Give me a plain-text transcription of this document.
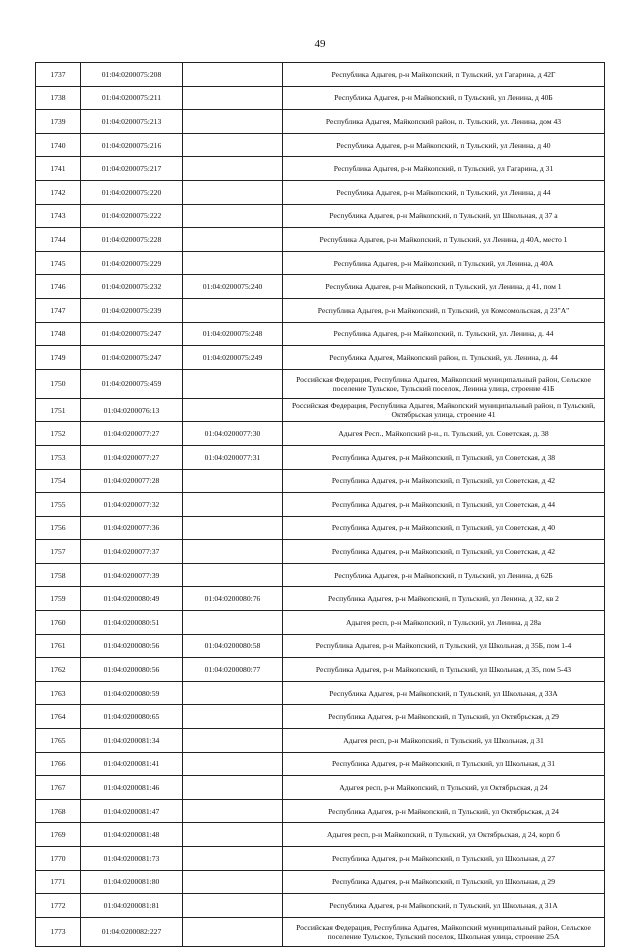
49
1737	01:04:0200075:208		Республика Адыгея, р-н Майкопский, п Тульский, ул Гагарина, д 42Г
1738	01:04:0200075:211		Республика Адыгея, р-н Майкопский, п Тульский, ул Ленина, д 40Б
1739	01:04:0200075:213		Республика Адыгея, Майкопский район, п. Тульский, ул. Ленина, дом 43
1740	01:04:0200075:216		Республика Адыгея, р-н Майкопский, п Тульский, ул Ленина, д 40
1741	01:04:0200075:217		Республика Адыгея, р-н Майкопский, п Тульский, ул Гагарина, д 31
1742	01:04:0200075:220		Республика Адыгея, р-н Майкопский, п Тульский, ул Ленина, д 44
1743	01:04:0200075:222		Республика Адыгея, р-н Майкопский, п Тульский, ул Школьная, д 37 а
1744	01:04:0200075:228		Республика Адыгея, р-н Майкопский, п Тульский, ул Ленина, д 40А, место 1
1745	01:04:0200075:229		Республика Адыгея, р-н Майкопский, п Тульский, ул Ленина, д 40А
1746	01:04:0200075:232	01:04:0200075:240	Республика Адыгея, р-н Майкопский, п Тульский, ул Ленина, д 41, пом 1
1747	01:04:0200075:239		Республика Адыгея, р-н Майкопский, п Тульский, ул Комсомольская, д 23"А"
1748	01:04:0200075:247	01:04:0200075:248	Республика Адыгея, р-н Майкопский, п. Тульский, ул. Ленина, д. 44
1749	01:04:0200075:247	01:04:0200075:249	Республика Адыгея, Майкопский район, п. Тульский, ул. Ленина, д. 44
1750	01:04:0200075:459		Российская Федерация, Республика Адыгея, Майкопский муниципальный район, Сельское поселение Тульское, Тульский поселок, Ленина улица, строение 41Б
1751	01:04:0200076:13		Российская Федерация, Республика Адыгея, Майкопский муниципальный район, п Тульский, Октябрьская улица, строение 41
1752	01:04:0200077:27	01:04:0200077:30	Адыгея Респ., Майкопский р-н., п. Тульский, ул. Советская, д. 38
1753	01:04:0200077:27	01:04:0200077:31	Республика Адыгея, р-н Майкопский, п Тульский, ул Советская, д 38
1754	01:04:0200077:28		Республика Адыгея, р-н Майкопский, п Тульский, ул Советская, д 42
1755	01:04:0200077:32		Республика Адыгея, р-н Майкопский, п Тульский, ул Советская, д 44
1756	01:04:0200077:36		Республика Адыгея, р-н Майкопский, п Тульский, ул Советская, д 40
1757	01:04:0200077:37		Республика Адыгея, р-н Майкопский, п Тульский, ул Советская, д 42
1758	01:04:0200077:39		Республика Адыгея, р-н Майкопский, п Тульский, ул Ленина, д 62Б
1759	01:04:0200080:49	01:04:0200080:76	Республика Адыгея, р-н Майкопский, п Тульский, ул Ленина, д 32, кв 2
1760	01:04:0200080:51		Адыгея респ, р-н Майкопский, п Тульский, ул Ленина, д 28а
1761	01:04:0200080:56	01:04:0200080:58	Республика Адыгея, р-н Майкопский, п Тульский, ул Школьная, д 35Б, пом 1-4
1762	01:04:0200080:56	01:04:0200080:77	Республика Адыгея, р-н Майкопский, п Тульский, ул Школьная, д 35, пом 5-43
1763	01:04:0200080:59		Республика Адыгея, р-н Майкопский, п Тульский, ул Школьная, д 33А
1764	01:04:0200080:65		Республика Адыгея, р-н Майкопский, п Тульский, ул Октябрьская, д 29
1765	01:04:0200081:34		Адыгея респ, р-н Майкопский, п Тульский, ул Школьная, д 31
1766	01:04:0200081:41		Республика Адыгея, р-н Майкопский, п Тульский, ул Школьная, д 31
1767	01:04:0200081:46		Адыгея респ, р-н Майкопский, п Тульский, ул Октябрьская, д 24
1768	01:04:0200081:47		Республика Адыгея, р-н Майкопский, п Тульский, ул Октябрьская, д 24
1769	01:04:0200081:48		Адыгея респ, р-н Майкопский, п Тульский, ул Октябрьская, д 24, корп б
1770	01:04:0200081:73		Республика Адыгея, р-н Майкопский, п Тульский, ул Школьная, д 27
1771	01:04:0200081:80		Республика Адыгея, р-н Майкопский, п Тульский, ул Школьная, д 29
1772	01:04:0200081:81		Республика Адыгея, р-н Майкопский, п Тульский, ул Школьная, д 31А
1773	01:04:0200082:227		Российская Федерация, Республика Адыгея, Майкопский муниципальный район, Сельское поселение Тульское, Тульский поселок, Школьная улица, строение 25А
